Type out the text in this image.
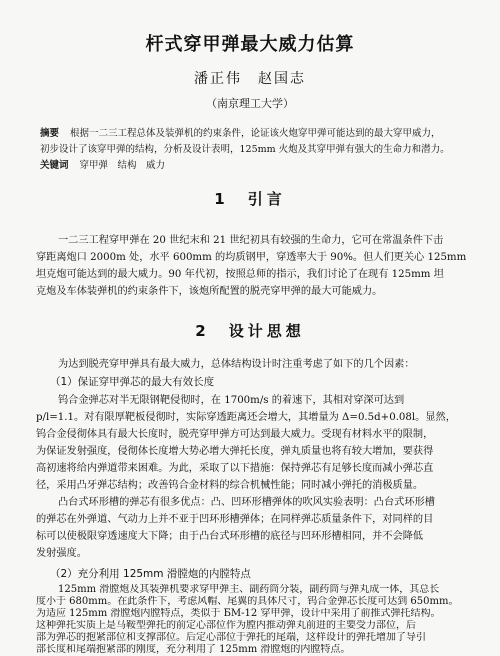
杆式穿甲弹最大威力估算
潘正伟　赵国志
（南京理工大学）
摘要 根据一二三工程总体及装弹机的约束条件，论证该火炮穿甲弹可能达到的最大穿甲威力，
初步设计了该穿甲弹的结构，分析及设计表明，125mm 火炮及其穿甲弹有强大的生命力和潜力。
关键词 穿甲弹　结构　威力
1　引言
一二三工程穿甲弹在 20 世纪末和 21 世纪初具有较强的生命力，它可在常温条件下击
穿距离炮口 2000m 处，水平 600mm 的均质钢甲，穿透率大于 90%。但人们更关心 125mm
坦克炮可能达到的最大威力。90 年代初，按照总师的指示，我们讨论了在现有 125mm 坦
克炮及车体装弹机的约束条件下，该炮所配置的脱壳穿甲弹的最大可能威力。
2　设计思想
为达到脱壳穿甲弹具有最大威力，总体结构设计时注重考虑了如下的几个因素：
（1）保证穿甲弹芯的最大有效长度
钨合金弹芯对半无限钢靶侵彻时，在 1700m/s 的着速下，其相对穿深可达到
p/l=1.1。对有限厚靶板侵彻时，实际穿透距离还会增大，其增量为 Δ=0.5d+0.08l。显然，
钨合金侵彻体具有最大长度时，脱壳穿甲弹方可达到最大威力。受现有材料水平的限制，
为保证发射强度，侵彻体长度增大势必增大弹托长度，弹丸质量也将有较大增加，要获得
高初速将给内弹道带来困难。为此，采取了以下措施：保持弹芯有足够长度而减小弹芯直
径，采用凸牙弹芯结构；改善钨合金材料的综合机械性能；同时减小弹托的消极质量。
凸台式环形槽的弹芯有很多优点：凸、凹环形槽弹体的吹风实验表明：凸台式环形槽
的弹芯在外弹道、气动力上并不亚于凹环形槽弹体；在同样弹芯质量条件下，对同样的目
标可以使极限穿透速度大下降；由于凸台式环形槽的底径与凹环形槽相同，并不会降低
发射强度。
（2）充分利用 125mm 滑膛炮的内膛特点
125mm 滑膛炮及其装弹机要求穿甲弹主、副药筒分装，副药筒与弹丸成一体，其总长
度小于 680mm。在此条件下，考虑风帽、尾翼的具体尺寸，钨合金弹芯长度可达到 650mm。
为适应 125mm 滑膛炮内膛特点，类似于 БM-12 穿甲弹，设计中采用了前推式弹托结构。
这种弹托实质上是马鞍型弹托的前定心部位作为膛内推动弹丸前进的主要受力部位，后
部为弹芯的抱紧部位和支撑部位。后定心部位于弹托的尾端，这样设计的弹托增加了导引
部长度和尾端抱紧部的刚度，充分利用了 125mm 滑膛炮的内膛特点。
